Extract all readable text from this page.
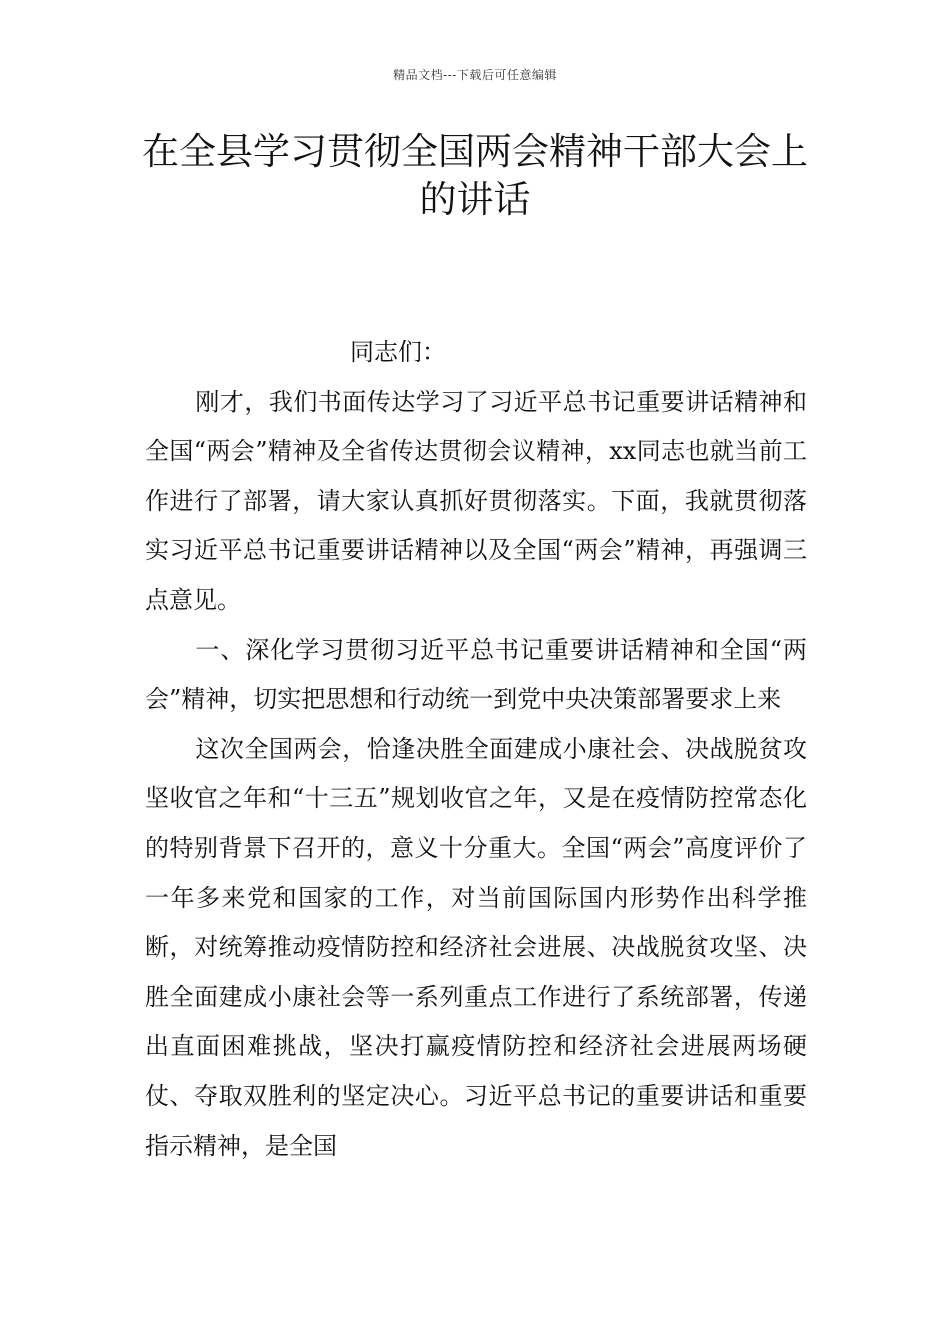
精品文档---下载后可任意编辑
在全县学习贯彻全国两会精神干部大会上的讲话

同志们：

刚才，我们书面传达学习了习近平总书记重要讲话精神和全国“两会”精神及全省传达贯彻会议精神，xx同志也就当前工作进行了部署，请大家认真抓好贯彻落实。下面，我就贯彻落实习近平总书记重要讲话精神以及全国“两会”精神，再强调三点意见。

一、深化学习贯彻习近平总书记重要讲话精神和全国“两会”精神，切实把思想和行动统一到党中央决策部署要求上来

这次全国两会，恰逢决胜全面建成小康社会、决战脱贫攻坚收官之年和“十三五”规划收官之年，又是在疫情防控常态化的特别背景下召开的，意义十分重大。全国“两会”高度评价了一年多来党和国家的工作，对当前国际国内形势作出科学推断，对统筹推动疫情防控和经济社会进展、决战脱贫攻坚、决胜全面建成小康社会等一系列重点工作进行了系统部署，传递出直面困难挑战，坚决打赢疫情防控和经济社会进展两场硬仗、夺取双胜利的坚定决心。习近平总书记的重要讲话和重要指示精神，是全国
